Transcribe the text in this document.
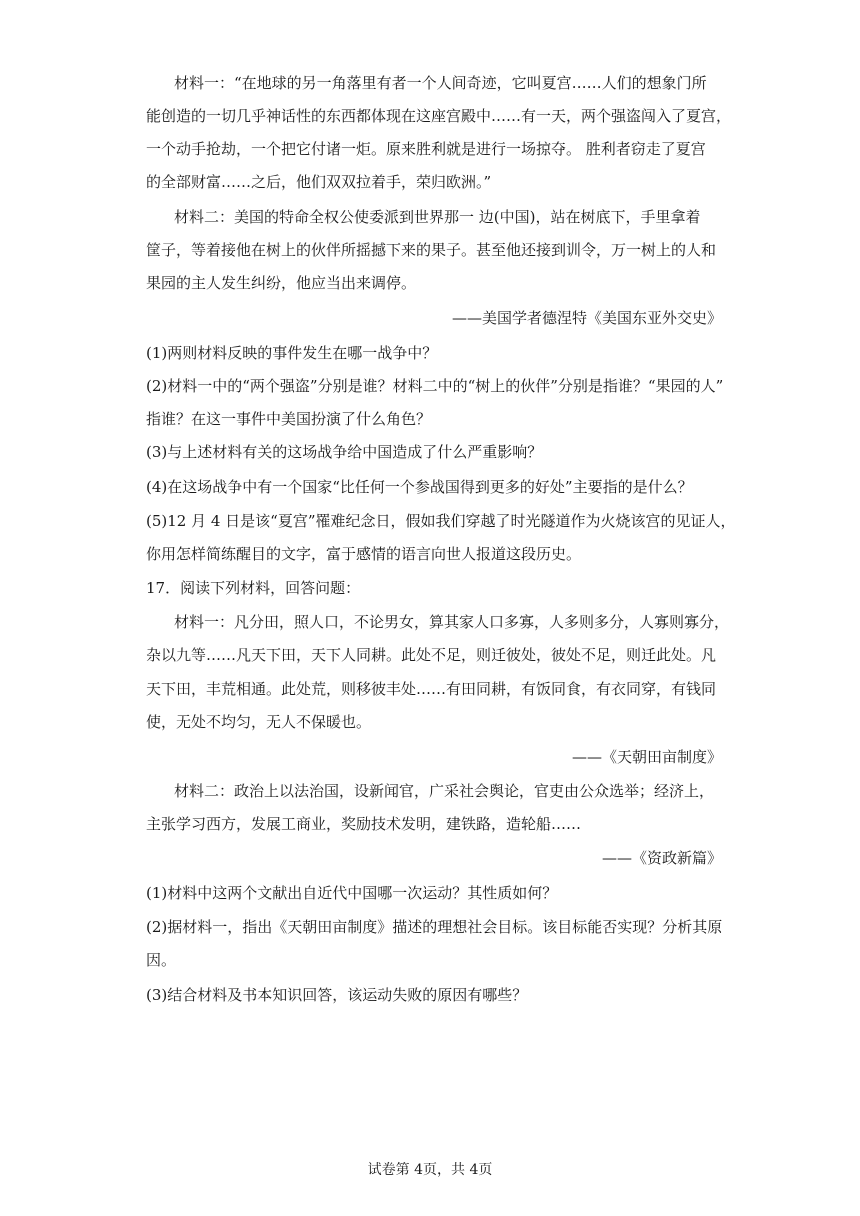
材料一：“在地球的另一角落里有者一个人间奇迹，它叫夏宫……人们的想象门所
能创造的一切几乎神话性的东西都体现在这座宫殿中……有一天，两个强盗闯入了夏宫，
一个动手抢劫，一个把它付诸一炬。原来胜利就是进行一场掠夺。 胜利者窃走了夏宫
的全部财富……之后，他们双双拉着手，荣归欧洲。”
材料二：美国的特命全权公使委派到世界那一 边(中国)，站在树底下，手里拿着
筐子，等着接他在树上的伙伴所摇撼下来的果子。甚至他还接到训令，万一树上的人和
果园的主人发生纠纷，他应当出来调停。
——美国学者德涅特《美国东亚外交史》
(1)两则材料反映的事件发生在哪一战争中？
(2)材料一中的“两个强盗”分别是谁？材料二中的“树上的伙伴”分别是指谁？“果园的人”
指谁？在这一事件中美国扮演了什么角色？
(3)与上述材料有关的这场战争给中国造成了什么严重影响？
(4)在这场战争中有一个国家“比任何一个参战国得到更多的好处”主要指的是什么？
(5)12 月 4 日是该“夏宫”罹难纪念日，假如我们穿越了时光隧道作为火烧该宫的见证人，
你用怎样简练醒目的文字，富于感情的语言向世人报道这段历史。
17．阅读下列材料，回答问题：
材料一：凡分田，照人口，不论男女，算其家人口多寡，人多则多分，人寡则寡分，
杂以九等……凡天下田，天下人同耕。此处不足，则迁彼处，彼处不足，则迁此处。凡
天下田，丰荒相通。此处荒，则移彼丰处……有田同耕，有饭同食，有衣同穿，有钱同
使，无处不均匀，无人不保暖也。
——《天朝田亩制度》
材料二：政治上以法治国，设新闻官，广采社会舆论，官吏由公众选举；经济上，
主张学习西方，发展工商业，奖励技术发明，建铁路，造轮船……
——《资政新篇》
(1)材料中这两个文献出自近代中国哪一次运动？其性质如何？
(2)据材料一，指出《天朝田亩制度》描述的理想社会目标。该目标能否实现？分析其原
因。
(3)结合材料及书本知识回答，该运动失败的原因有哪些？
试卷第 4页，共 4页
